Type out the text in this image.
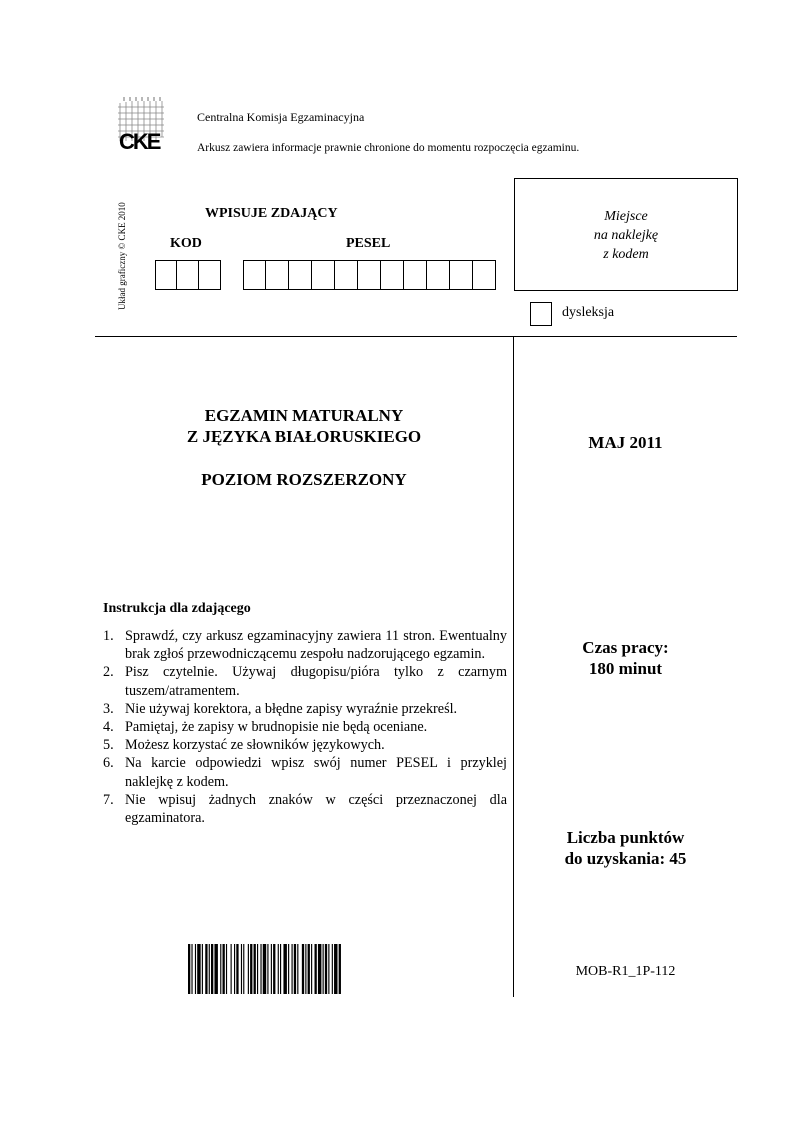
CKE
Centralna Komisja Egzaminacyjna
Arkusz zawiera informacje prawnie chronione do momentu rozpoczęcia egzaminu.
Układ graficzny © CKE 2010	WPISUJE ZDAJĄCY
KOD	PESEL
Miejsce
na naklejkę
z kodem
dysleksja
EGZAMIN MATURALNY
Z JĘZYKA BIAŁORUSKIEGO
POZIOM ROZSZERZONY
MAJ 2011
Instrukcja dla zdającego
1. Sprawdź, czy arkusz egzaminacyjny zawiera 11 stron. Ewentualny brak zgłoś przewodniczącemu zespołu nadzorującego egzamin.
2. Pisz czytelnie. Używaj długopisu/pióra tylko z czarnym tuszem/atramentem.
3. Nie używaj korektora, a błędne zapisy wyraźnie przekreśl.
4. Pamiętaj, że zapisy w brudnopisie nie będą oceniane.
5. Możesz korzystać ze słowników językowych.
6. Na karcie odpowiedzi wpisz swój numer PESEL i przyklej naklejkę z kodem.
7. Nie wpisuj żadnych znaków w części przeznaczonej dla egzaminatora.
Czas pracy:
180 minut
Liczba punktów
do uzyskania: 45
MOB-R1_1P-112
